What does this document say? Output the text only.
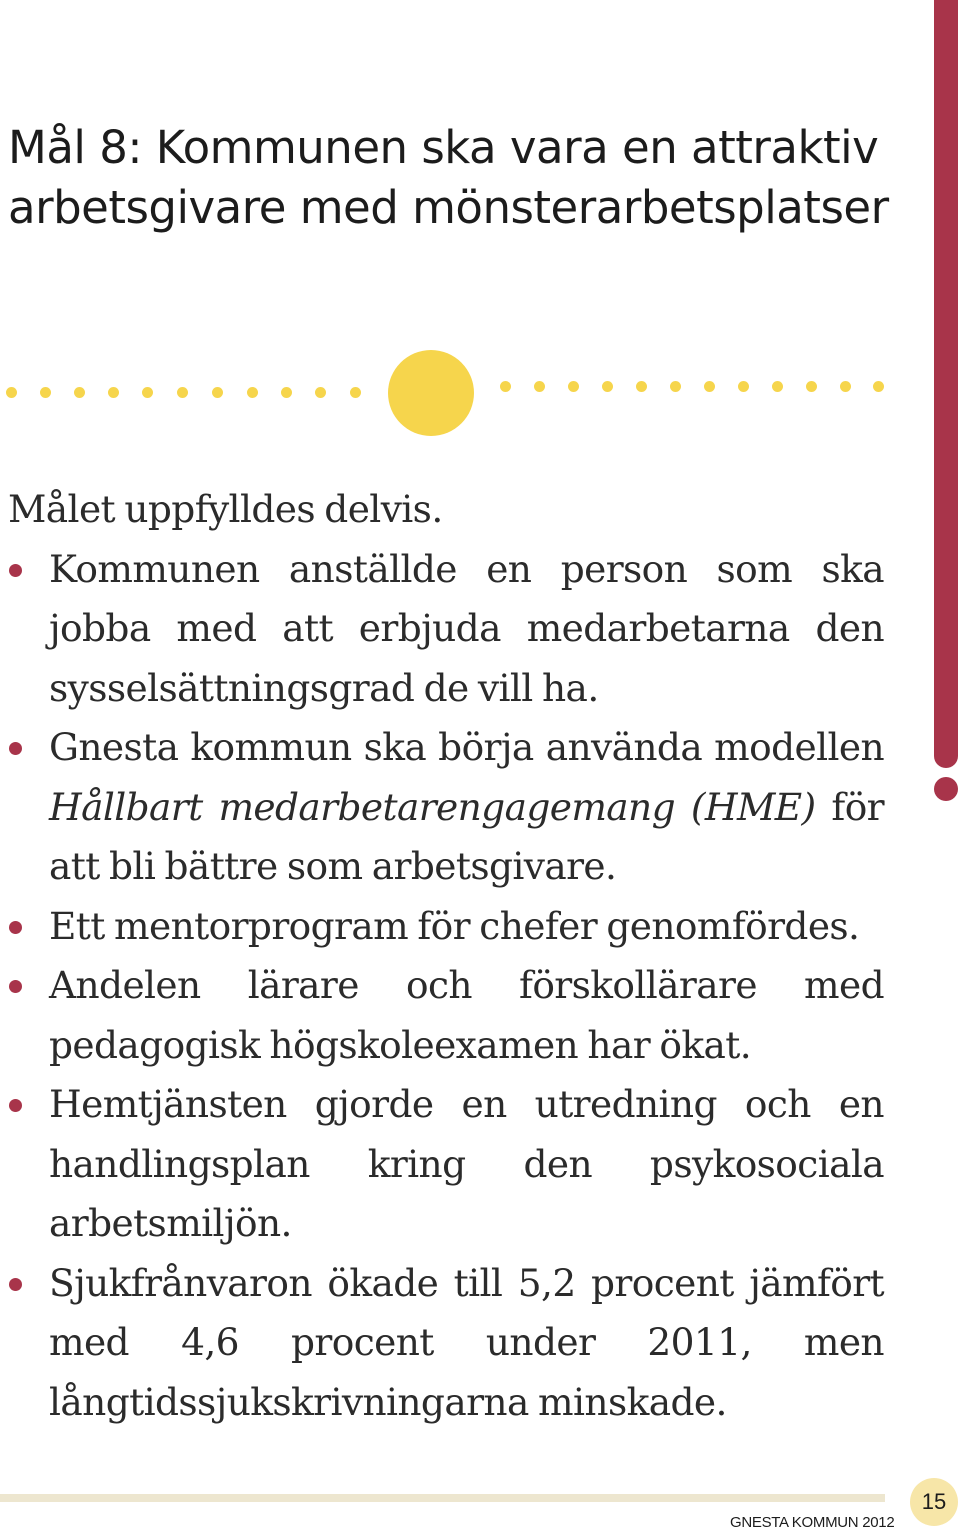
Mål 8: Kommunen ska vara en attraktiv
arbetsgivare med mönsterarbetsplatser

Målet uppfylldes delvis.

Kommunen anställde en person som ska jobba med att erbjuda medarbetarna den sysselsättningsgrad de vill ha.
Gnesta kommun ska börja använda modellen Hållbart medarbetarengagemang (HME) för att bli bättre som arbetsgivare.
Ett mentorprogram för chefer genomfördes.
Andelen lärare och förskollärare med pedagogisk högskoleexamen har ökat.
Hemtjänsten gjorde en utredning och en handlingsplan kring den psykosociala arbetsmiljön.
Sjukfrånvaron ökade till 5,2 procent jämfört med 4,6 procent under 2011, men långtidssjukskrivningarna minskade.
GNESTA KOMMUN 2012
15
